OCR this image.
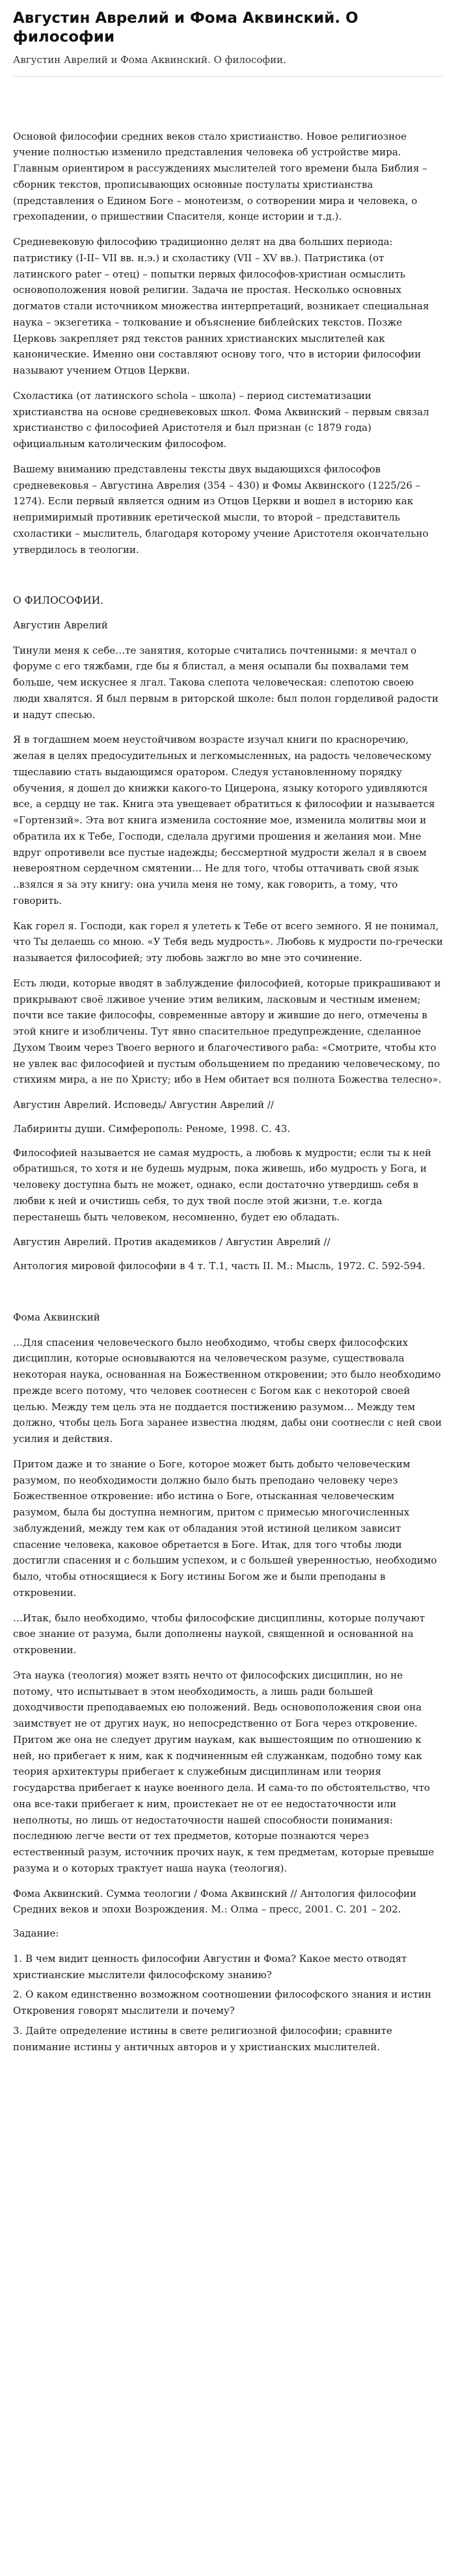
Августин Аврелий и Фома Аквинский. О философии

Августин Аврелий и Фома Аквинский. О философии.

Основой философии средних веков стало христианство. Новое религиозное учение полностью изменило представления человека об устройстве мира. Главным ориентиром в рассуждениях мыслителей того времени была Библия – сборник текстов, прописывающих основные постулаты христианства (представления о Едином Боге – монотеизм, о сотворении мира и человека, о грехопадении, о пришествии Спасителя, конце истории и т.д.).

Средневековую философию традиционно делят на два больших периода: патристику (I-II– VII вв. н.э.) и схоластику (VII – XV вв.). Патристика (от латинского pater – отец) – попытки первых философов-христиан осмыслить основоположения новой религии. Задача не простая. Несколько основных догматов стали источником множества интерпретаций, возникает специальная наука – экзегетика – толкование и объяснение библейских текстов. Позже Церковь закрепляет ряд текстов ранних христианских мыслителей как канонические. Именно они составляют основу того, что в истории философии называют учением Отцов Церкви.

Схоластика (от латинского schola – школа) – период систематизации христианства на основе средневековых школ. Фома Аквинский – первым связал христианство с философией Аристотеля и был признан (с 1879 года) официальным католическим философом.

Вашему вниманию представлены тексты двух выдающихся философов средневековья – Августина Аврелия (354 – 430) и Фомы Аквинского (1225/26 – 1274). Если первый является одним из Отцов Церкви и вошел в историю как непримиримый противник еретической мысли, то второй – представитель схоластики – мыслитель, благодаря которому учение Аристотеля окончательно утвердилось в теологии.

О ФИЛОСОФИИ.

Августин Аврелий

Тинули меня к себе…те занятия, которые считались почтенными: я мечтал о форуме с его тяжбами, где бы я блистал, а меня осыпали бы похвалами тем больше, чем искуснее я лгал. Такова слепота человеческая: слепотою своею люди хвалятся. Я был первым в риторской школе: был полон горделивой радости и надут спесью.

Я в тогдашнем моем неустойчивом возрасте изучал книги по красноречию, желая в целях предосудительных и легкомысленных, на радость человеческому тщеславию стать выдающимся оратором. Следуя установленному порядку обучения, я дошел до книжки какого-то Цицерона, языку которого удивляются все, а сердцу не так. Книга эта увещевает обратиться к философии и называется «Гортензий». Эта вот книга изменила состояние мое, изменила молитвы мои и обратила их к Тебе, Господи, сделала другими прошения и желания мои. Мне вдруг опротивели все пустые надежды; бессмертной мудрости желал я в своем невероятном сердечном смятении… Не для того, чтобы оттачивать свой язык ..взялся я за эту книгу: она учила меня не тому, как говорить, а тому, что говорить.

Как горел я. Господи, как горел я улететь к Тебе от всего земного. Я не понимал, что Ты делаешь со мною. «У Тебя ведь мудрость». Любовь к мудрости по-гречески называется философией; эту любовь зажгло во мне это сочинение.

Есть люди, которые вводят в заблуждение философией, которые прикрашивают и прикрывают своё лживое учение этим великим, ласковым и честным именем; почти все такие философы, современные автору и жившие до него, отмечены в этой книге и изобличены. Тут явно спасительное предупреждение, сделанное Духом Твоим через Твоего верного и благочестивого раба: «Смотрите, чтобы кто не увлек вас философией и пустым обольщением по преданию человеческому, по стихиям мира, а не по Христу; ибо в Нем обитает вся полнота Божества телесно».

Августин Аврелий. Исповедь/ Августин Аврелий //

Лабиринты души. Симферополь: Реноме, 1998. С. 43.

Философией называется не самая мудрость, а любовь к мудрости; если ты к ней обратишься, то хотя и не будешь мудрым, пока живешь, ибо мудрость у Бога, и человеку доступна быть не может, однако, если достаточно утвердишь себя в любви к ней и очистишь себя, то дух твой после этой жизни, т.е. когда перестанешь быть человеком, несомненно, будет ею обладать.

Августин Аврелий. Против академиков / Августин Аврелий //

Антология мировой философии в 4 т. Т.1, часть II. М.: Мысль, 1972. С. 592-594.

Фома Аквинский

…Для спасения человеческого было необходимо, чтобы сверх философских дисциплин, которые основываются на человеческом разуме, существовала некоторая наука, основанная на Божественном откровении; это было необходимо прежде всего потому, что человек соотнесен с Богом как с некоторой своей целью. Между тем цель эта не поддается постижению разумом… Между тем должно, чтобы цель Бога заранее известна людям, дабы они соотнесли с ней свои усилия и действия.

Притом даже и то знание о Боге, которое может быть добыто человеческим разумом, по необходимости должно было быть преподано человеку через Божественное откровение: ибо истина о Боге, отысканная человеческим разумом, была бы доступна немногим, притом с примесью многочисленных заблуждений, между тем как от обладания этой истиной целиком зависит спасение человека, каковое обретается в Боге. Итак, для того чтобы люди достигли спасения и с большим успехом, и с большей уверенностью, необходимо было, чтобы относящиеся к Богу истины Богом же и были преподаны в откровении.

…Итак, было необходимо, чтобы философские дисциплины, которые получают свое знание от разума, были дополнены наукой, священной и основанной на откровении.

Эта наука (теология) может взять нечто от философских дисциплин, но не потому, что испытывает в этом необходимость, а лишь ради большей доходчивости преподаваемых ею положений. Ведь основоположения свои она заимствует не от других наук, но непосредственно от Бога через откровение. Притом же она не следует другим наукам, как вышестоящим по отношению к ней, но прибегает к ним, как к подчиненным ей служанкам, подобно тому как теория архитектуры прибегает к служебным дисциплинам или теория государства прибегает к науке военного дела. И сама-то по обстоятельство, что она все-таки прибегает к ним, проистекает не от ее недостаточности или неполноты, но лишь от недостаточности нашей способности понимания: последнюю легче вести от тех предметов, которые познаются через естественный разум, источник прочих наук, к тем предметам, которые превыше разума и о которых трактует наша наука (теология).

Фома Аквинский. Сумма теологии / Фома Аквинский // Антология философии Средних веков и эпохи Возрождения. М.: Олма – пресс, 2001. С. 201 – 202.

Задание:

1. В чем видит ценность философии Августин и Фома? Какое место отводят христианские мыслители философскому знанию?

2. О каком единственно возможном соотношении философского знания и истин Откровения говорят мыслители и почему?

3. Дайте определение истины в свете религиозной философии; сравните понимание истины у античных авторов и у христианских мыслителей.
